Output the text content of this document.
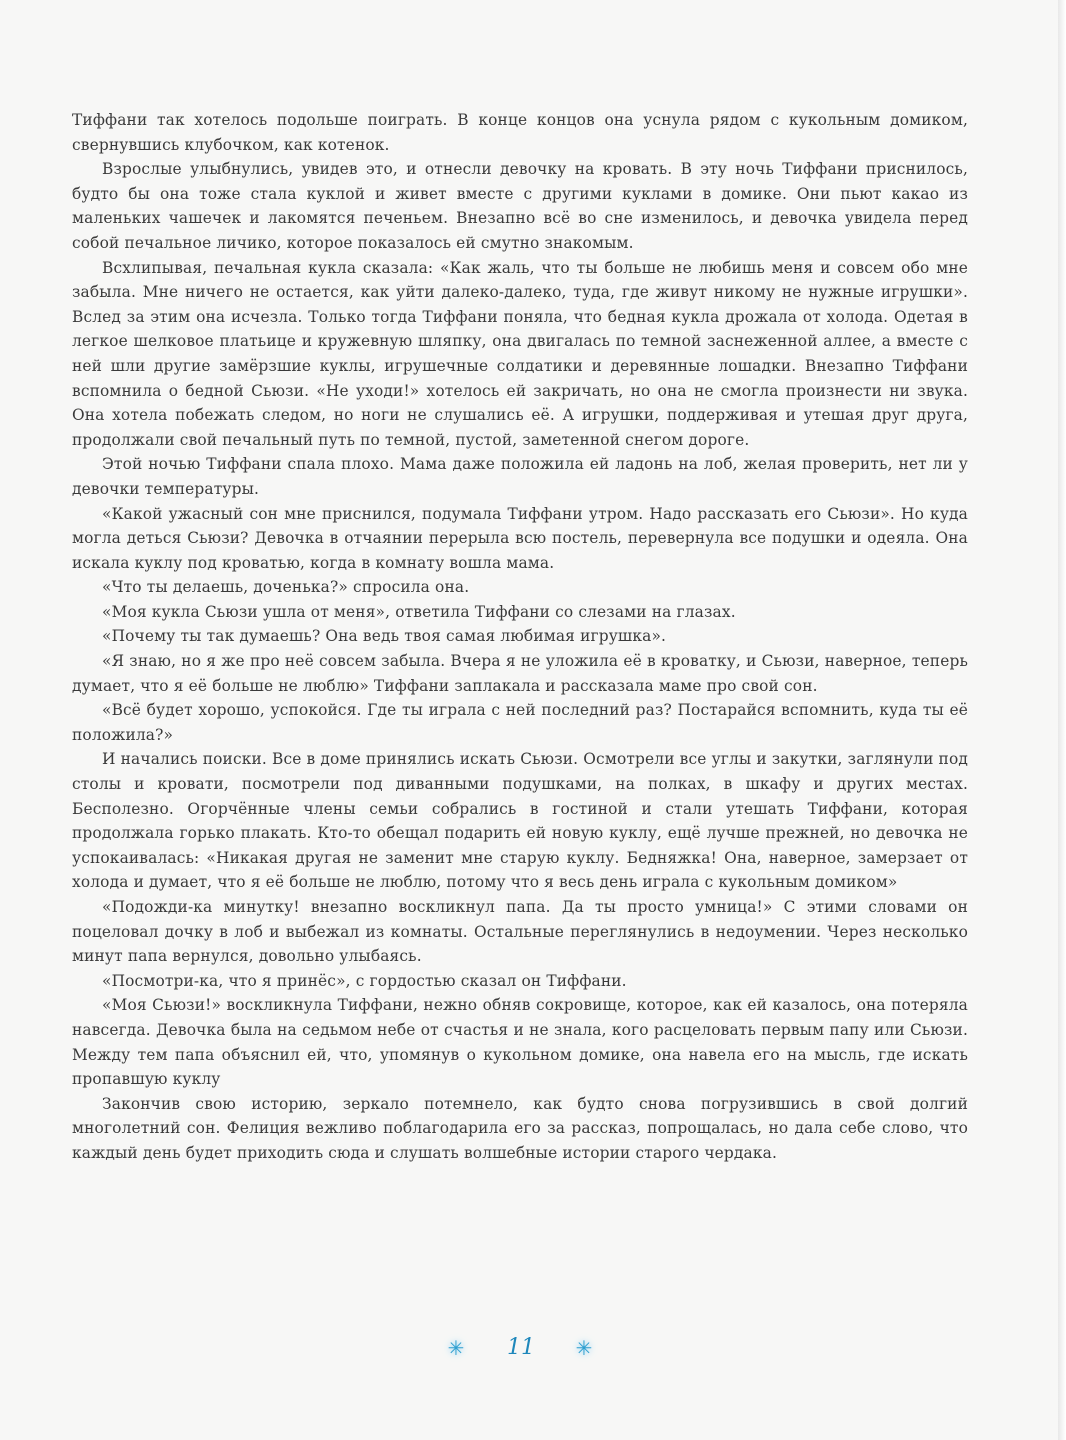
Тиффани так хотелось подольше поиграть. В конце концов она уснула рядом с кукольным домиком, свернувшись клубочком, как котенок.

Взрослые улыбнулись, увидев это, и отнесли девочку на кровать. В эту ночь Тиффани приснилось, будто бы она тоже стала куклой и живет вместе с другими куклами в домике. Они пьют какао из маленьких чашечек и лакомятся печеньем. Внезапно всё во сне изменилось, и девочка увидела перед собой печальное личико, которое показалось ей смутно знакомым.

Всхлипывая, печальная кукла сказала: «Как жаль, что ты больше не любишь меня и совсем обо мне забыла. Мне ничего не остается, как уйти далеко-далеко, туда, где живут никому не нужные игрушки». Вслед за этим она исчезла. Только тогда Тиффани поняла, что бедная кукла дрожала от холода. Одетая в легкое шелковое платьице и кружевную шляпку, она двигалась по темной заснеженной аллее, а вместе с ней шли другие замёрзшие куклы, игрушечные солдатики и деревянные лошадки. Внезапно Тиффани вспомнила о бедной Сьюзи. «Не уходи!» хотелось ей закричать, но она не смогла произнести ни звука. Она хотела побежать следом, но ноги не слушались её. А игрушки, поддерживая и утешая друг друга, продолжали свой печальный путь по темной, пустой, заметенной снегом дороге.

Этой ночью Тиффани спала плохо. Мама даже положила ей ладонь на лоб, желая проверить, нет ли у девочки температуры.

«Какой ужасный сон мне приснился, подумала Тиффани утром. Надо рассказать его Сьюзи». Но куда могла деться Сьюзи? Девочка в отчаянии перерыла всю постель, перевернула все подушки и одеяла. Она искала куклу под кроватью, когда в комнату вошла мама.

«Что ты делаешь, доченька?» спросила она.

«Моя кукла Сьюзи ушла от меня», ответила Тиффани со слезами на глазах.

«Почему ты так думаешь? Она ведь твоя самая любимая игрушка».

«Я знаю, но я же про неё совсем забыла. Вчера я не уложила её в кроватку, и Сьюзи, наверное, теперь думает, что я её больше не люблю» Тиффани заплакала и рассказала маме про свой сон.

«Всё будет хорошо, успокойся. Где ты играла с ней последний раз? Постарайся вспомнить, куда ты её положила?»

И начались поиски. Все в доме принялись искать Сьюзи. Осмотрели все углы и закутки, заглянули под столы и кровати, посмотрели под диванными подушками, на полках, в шкафу и других местах. Бесполезно. Огорчённые члены семьи собрались в гостиной и стали утешать Тиффани, которая продолжала горько плакать. Кто-то обещал подарить ей новую куклу, ещё лучше прежней, но девочка не успокаивалась: «Никакая другая не заменит мне старую куклу. Бедняжка! Она, наверное, замерзает от холода и думает, что я её больше не люблю, потому что я весь день играла с кукольным домиком»

«Подожди-ка минутку! внезапно воскликнул папа. Да ты просто умница!» С этими словами он поцеловал дочку в лоб и выбежал из комнаты. Остальные переглянулись в недоумении. Через несколько минут папа вернулся, довольно улыбаясь.

«Посмотри-ка, что я принёс», с гордостью сказал он Тиффани.

«Моя Сьюзи!» воскликнула Тиффани, нежно обняв сокровище, которое, как ей казалось, она потеряла навсегда. Девочка была на седьмом небе от счастья и не знала, кого расцеловать первым папу или Сьюзи. Между тем папа объяснил ей, что, упомянув о кукольном домике, она навела его на мысль, где искать пропавшую куклу

Закончив свою историю, зеркало потемнело, как будто снова погрузившись в свой долгий многолетний сон. Фелиция вежливо поблагодарила его за рассказ, попрощалась, но дала себе слово, что каждый день будет приходить сюда и слушать волшебные истории старого чердака.

✳	11	✳
